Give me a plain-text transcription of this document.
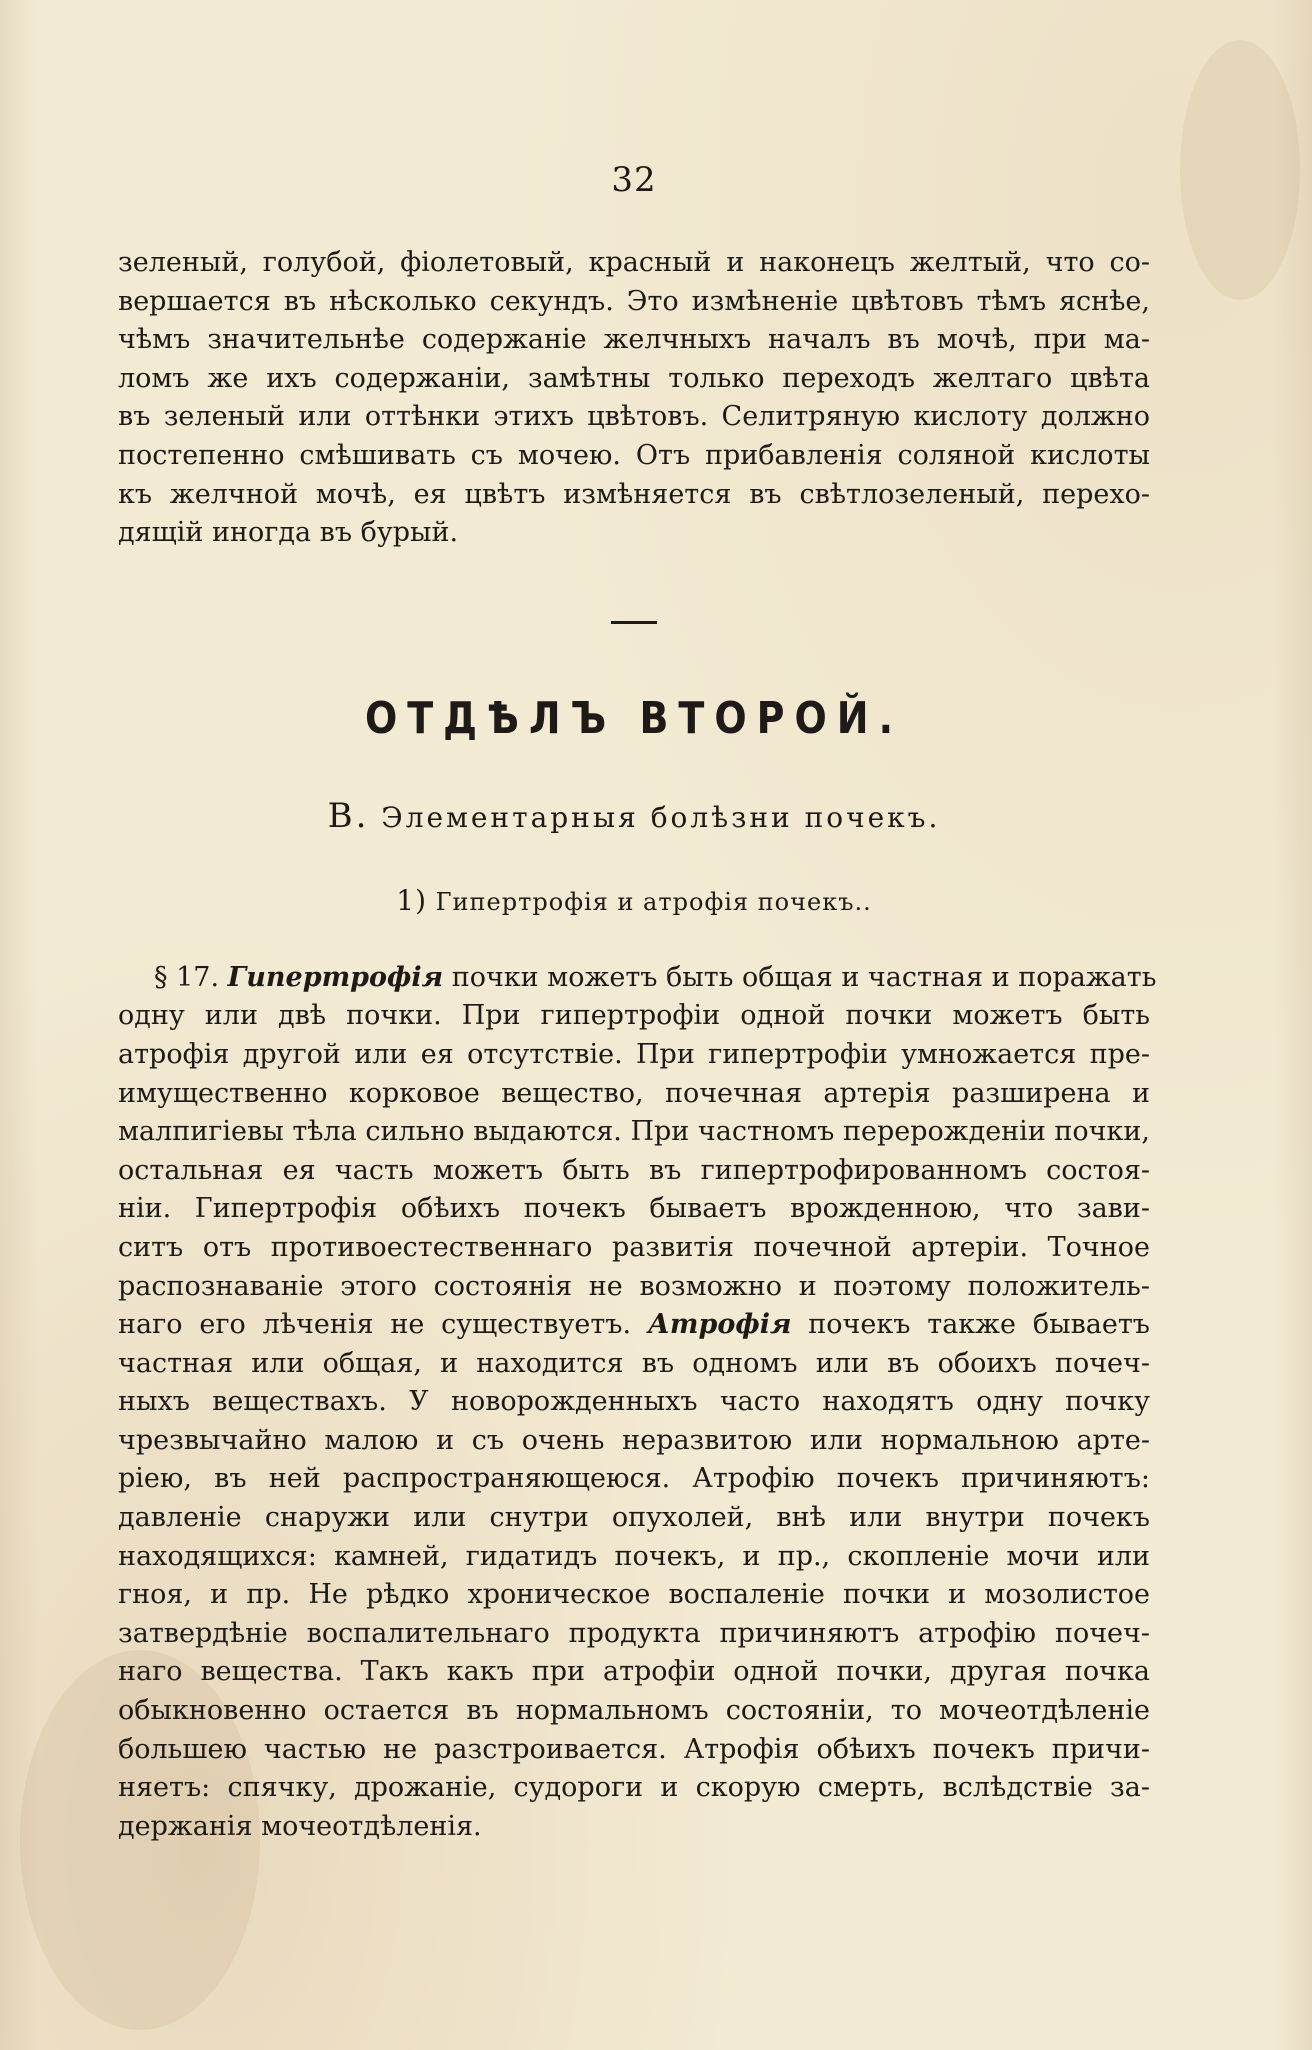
32
зеленый, голубой, фіолетовый, красный и наконецъ желтый, что со-
вершается въ нѣсколько секундъ. Это измѣненіе цвѣтовъ тѣмъ яснѣе,
чѣмъ значительнѣе содержаніе желчныхъ началъ въ мочѣ, при ма-
ломъ же ихъ содержаніи, замѣтны только переходъ желтаго цвѣта
въ зеленый или оттѣнки этихъ цвѣтовъ. Селитряную кислоту должно
постепенно смѣшивать съ мочею. Отъ прибавленія соляной кислоты
къ желчной мочѣ, ея цвѣтъ измѣняется въ свѣтлозеленый, перехо-
дящій иногда въ бурый.
ОТДѢЛЪ ВТОРОЙ.
В. Элементарныя болѣзни почекъ.
1) Гипертрофія и атрофія почекъ..
§ 17. Гипертрофія почки можетъ быть общая и частная и поражать
одну или двѣ почки. При гипертрофіи одной почки можетъ быть
атрофія другой или ея отсутствіе. При гипертрофіи умножается пре-
имущественно корковое вещество, почечная артерія разширена и
малпигіевы тѣла сильно выдаются. При частномъ перерожденіи почки,
остальная ея часть можетъ быть въ гипертрофированномъ состоя-
ніи. Гипертрофія обѣихъ почекъ бываетъ врожденною, что зави-
ситъ отъ противоестественнаго развитія почечной артеріи. Точное
распознаваніе этого состоянія не возможно и поэтому положитель-
наго его лѣченія не существуетъ. Атрофія почекъ также бываетъ
частная или общая, и находится въ одномъ или въ обоихъ почеч-
ныхъ веществахъ. У новорожденныхъ часто находятъ одну почку
чрезвычайно малою и съ очень неразвитою или нормальною арте-
ріею, въ ней распространяющеюся. Атрофію почекъ причиняютъ:
давленіе снаружи или снутри опухолей, внѣ или внутри почекъ
находящихся: камней, гидатидъ почекъ, и пр., скопленіе мочи или
гноя, и пр. Не рѣдко хроническое воспаленіе почки и мозолистое
затвердѣніе воспалительнаго продукта причиняютъ атрофію почеч-
наго вещества. Такъ какъ при атрофіи одной почки, другая почка
обыкновенно остается въ нормальномъ состояніи, то мочеотдѣленіе
большею частью не разстроивается. Атрофія обѣихъ почекъ причи-
няетъ: спячку, дрожаніе, судороги и скорую смерть, вслѣдствіе за-
держанія мочеотдѣленія.
